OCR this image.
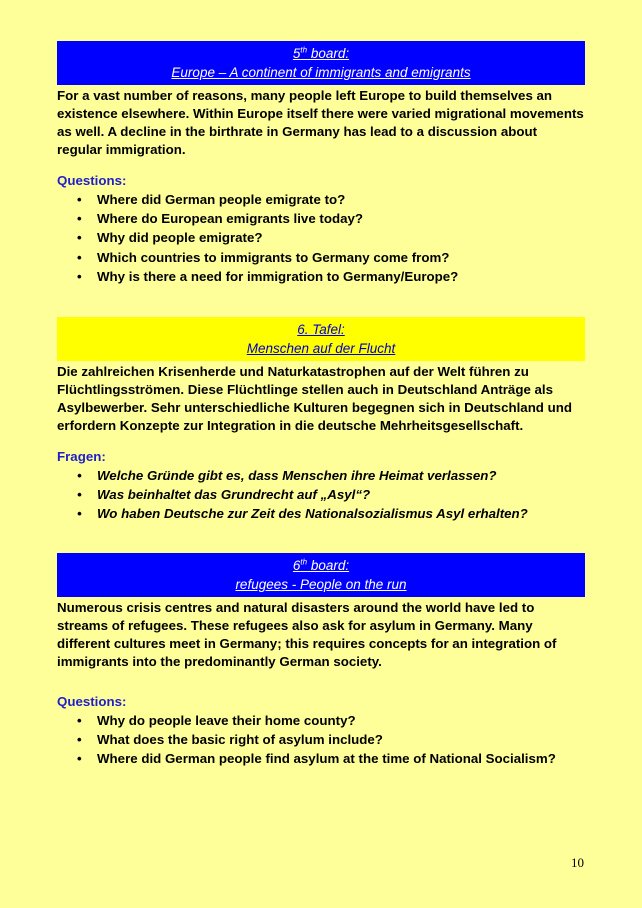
5th board:
Europe – A continent of immigrants and emigrants

For a vast number of reasons, many people left Europe to build themselves an existence elsewhere. Within Europe itself there were varied migrational movements as well. A decline in the birthrate in Germany has lead to a discussion about regular immigration.

Questions:
• Where did German people emigrate to?
• Where do European emigrants live today?
• Why did people emigrate?
• Which countries to immigrants to Germany come from?
• Why is there a need for immigration to Germany/Europe?
6. Tafel:
Menschen auf der Flucht

Die zahlreichen Krisenherde und Naturkatastrophen auf der Welt führen zu Flüchtlingsströmen. Diese Flüchtlinge stellen auch in Deutschland Anträge als Asylbewerber. Sehr unterschiedliche Kulturen begegnen sich in Deutschland und erfordern Konzepte zur Integration in die deutsche Mehrheitsgesellschaft.

Fragen:
• Welche Gründe gibt es, dass Menschen ihre Heimat verlassen?
• Was beinhaltet das Grundrecht auf „Asyl“?
• Wo haben Deutsche zur Zeit des Nationalsozialismus Asyl erhalten?
6th board:
refugees - People on the run

Numerous crisis centres and natural disasters around the world have led to streams of refugees. These refugees also ask for asylum in Germany. Many different cultures meet in Germany; this requires concepts for an integration of immigrants into the predominantly German society.

Questions:
• Why do people leave their home county?
• What does the basic right of asylum include?
• Where did German people find asylum at the time of National Socialism?
10
